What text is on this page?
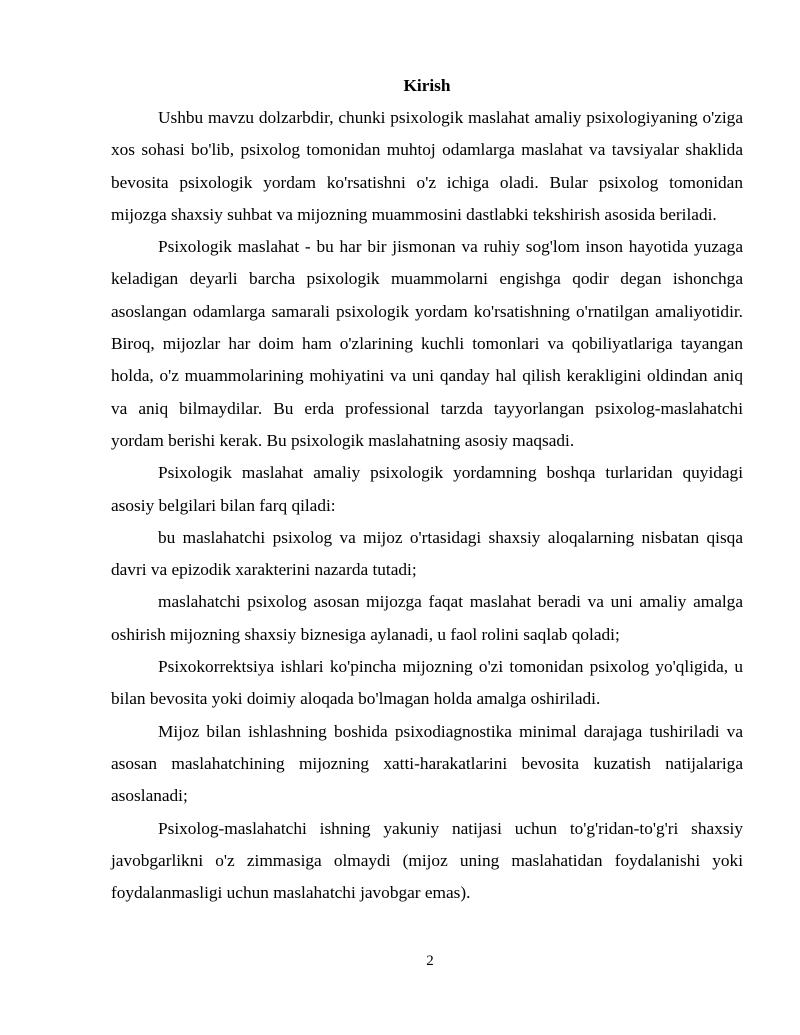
Kirish

Ushbu mavzu dolzarbdir, chunki psixologik maslahat amaliy psixologiyaning o'ziga xos sohasi bo'lib, psixolog tomonidan muhtoj odamlarga maslahat va tavsiyalar shaklida bevosita psixologik yordam ko'rsatishni o'z ichiga oladi. Bular psixolog tomonidan mijozga shaxsiy suhbat va mijozning muammosini dastlabki tekshirish asosida beriladi.

Psixologik maslahat - bu har bir jismonan va ruhiy sog'lom inson hayotida yuzaga keladigan deyarli barcha psixologik muammolarni engishga qodir degan ishonchga asoslangan odamlarga samarali psixologik yordam ko'rsatishning o'rnatilgan amaliyotidir. Biroq, mijozlar har doim ham o'zlarining kuchli tomonlari va qobiliyatlariga tayangan holda, o'z muammolarining mohiyatini va uni qanday hal qilish kerakligini oldindan aniq va aniq bilmaydilar. Bu erda professional tarzda tayyorlangan psixolog-maslahatchi yordam berishi kerak. Bu psixologik maslahatning asosiy maqsadi.

Psixologik maslahat amaliy psixologik yordamning boshqa turlaridan quyidagi asosiy belgilari bilan farq qiladi:

bu maslahatchi psixolog va mijoz o'rtasidagi shaxsiy aloqalarning nisbatan qisqa davri va epizodik xarakterini nazarda tutadi;

maslahatchi psixolog asosan mijozga faqat maslahat beradi va uni amaliy amalga oshirish mijozning shaxsiy biznesiga aylanadi, u faol rolini saqlab qoladi;

Psixokorrektsiya ishlari ko'pincha mijozning o'zi tomonidan psixolog yo'qligida, u bilan bevosita yoki doimiy aloqada bo'lmagan holda amalga oshiriladi.

Mijoz bilan ishlashning boshida psixodiagnostika minimal darajaga tushiriladi va asosan maslahatchining mijozning xatti-harakatlarini bevosita kuzatish natijalariga asoslanadi;

Psixolog-maslahatchi ishning yakuniy natijasi uchun to'g'ridan-to'g'ri shaxsiy javobgarlikni o'z zimmasiga olmaydi (mijoz uning maslahatidan foydalanishi yoki foydalanmasligi uchun maslahatchi javobgar emas).

2
